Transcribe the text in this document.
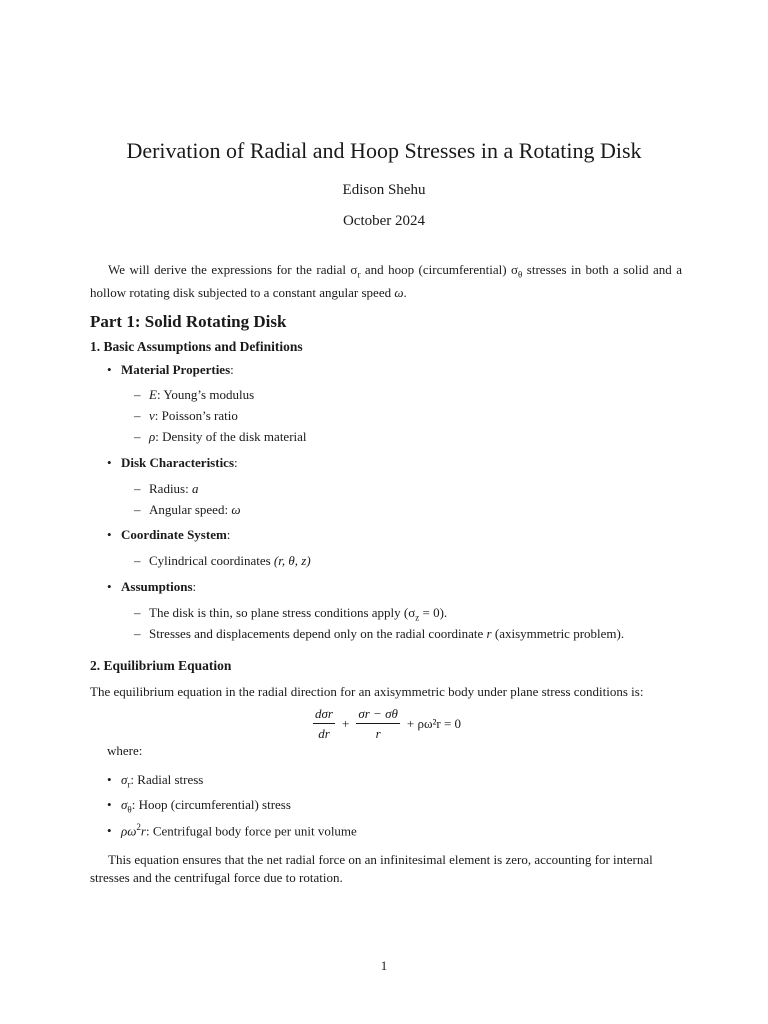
Derivation of Radial and Hoop Stresses in a Rotating Disk
Edison Shehu
October 2024
We will derive the expressions for the radial $\sigma_r$ and hoop (circumferential) $\sigma_\theta$ stresses in both a solid and a hollow rotating disk subjected to a constant angular speed ω.
Part 1: Solid Rotating Disk
1. Basic Assumptions and Definitions
• Material Properties:
– E: Young’s modulus
– ν: Poisson’s ratio
– ρ: Density of the disk material
• Disk Characteristics:
– Radius: a
– Angular speed: ω
• Coordinate System:
– Cylindrical coordinates (r, θ, z)
• Assumptions:
– The disk is thin, so plane stress conditions apply $(\sigma_z = 0)$.
– Stresses and displacements depend only on the radial coordinate r (axisymmetric problem).
2. Equilibrium Equation
The equilibrium equation in the radial direction for an axisymmetric body under plane stress conditions is:
$\frac{\text{dσr}}{dr} + \frac{\sigma r - \sigma\theta}{r} + \rho\omega^2r = 0$
where:
• $\sigma_r$: Radial stress
• $\sigma_\theta$: Hoop (circumferential) stress
• $\rho\omega^2r$: Centrifugal body force per unit volume
This equation ensures that the net radial force on an infinitesimal element is zero, accounting for internal stresses and the centrifugal force due to rotation.
1
